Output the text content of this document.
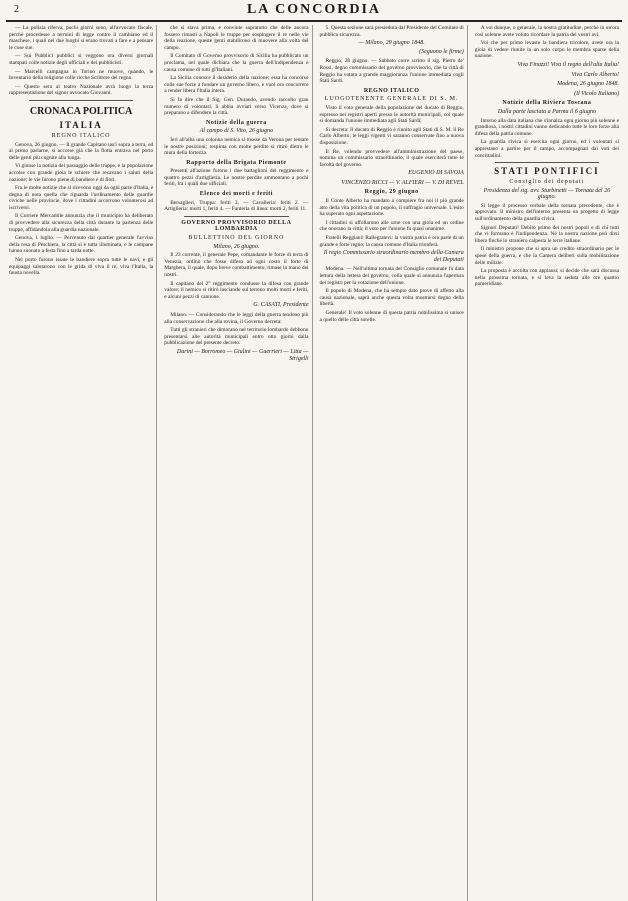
2	LA CONCORDIA

— La polizia riferva, pochi giorni sono, all'avvocato fiscale, perchè procedesse a termini di legge contro il cambiano ed il maschese, i quali nei due luoghi si erano trovati a fare e a pensare le cose sue.

— Sui Pubblici pubblici si veggono ora diversi giornali stampati colle notizie degli ufficiali e dei pubblicisti.

— Marcelli campagna in Torino ne muove, quando, le Inventario della religione colle ricche Scrittore del regno.

— Questo sera al teatro Nazionale avrà luogo la terza rappresentazione del signor avvocato Giovanni.

CRONACA POLITICA
ITALIA
REGNO ITALICO

Genova, 26 giugno. — Il grande Capitano uscì sopra a terra, ed al primo parlarne, si accorse già che la flotta entrava nel porto delle genti più cognite alla lunga.

Vi giunse la notizia del passaggio delle truppe, e la popolazione accolse con grande gioia le schiere che recavano i saluti della nazione; le vie furono piene di bandiere e di fiori.

Fra le molte notizie che si ricevono oggi da ogni parte d'Italia, è degna di nota quella che riguarda l'ordinamento delle guardie civiche nelle provincie, dove i cittadini accorrono volonterosi ad iscriversi.

Il Corriere Mercantile annunzia che il municipio ha deliberato di provvedere alla sicurezza della città durante la partenza delle truppe, affidandola alla guardia nazionale.

Genova, 1 luglio. — Pervenuto dal quartier generale l'avviso della resa di Peschiera, la città si è tutta illuminata, e le campane hanno suonato a festa fino a tarda notte.

Nel porto furono issate le bandiere sopra tutte le navi, e gli equipaggi salutarono con le grida di viva il re, viva l'Italia, la fausta novella.

che si stava prima, e convinte sopratutto che delle ancora fossero rimasti a Napoli le truppe per sospingere il re nelle vie della reazione, queste genti stabilirono di muovere alla volta del campo.

Il Comitato di Governo provvisorio di Sicilia ha pubblicato un proclama, nel quale dichiara che la guerra dell'indipendenza è causa comune di tutti gl'Italiani.

La Sicilia conosce il desiderio della nazione; essa ha concorso colle sue forze a fondare un governo libero, e vuol ora concorrere a render libera l'Italia intera.

Si fa dire che il Sig. Gen. Durando, avendo raccolto gran numero di volontari, li abbia avviati verso Vicenza, dove si preparano a difendere la città.

Notizie della guerra
Al campo di S. Vito, 26 giugno

Ieri all'alba una colonna nemica si mosse da Verona per tentare le nostre posizioni; respinta con molte perdite si ritirò dietro le mura della fortezza.

Rapporto della Brigata Piemonte

Presenti all'azione furono i due battaglioni del reggimento e quattro pezzi d'artiglieria. Le nostre perdite ammontano a pochi feriti, fra i quali due ufficiali.

Elenco dei morti e feriti

Bersaglieri, Truppa: feriti 3. — Cavalleria: feriti 2. — Artiglieria: morti 1, feriti 4. — Fanteria di linea: morti 2, feriti 11.

GOVERNO PROVVISORIO DELLA LOMBARDIA
BULLETTINO DEL GIORNO
Milano, 26 giugno.

Il 23 corrente, il generale Pepe, comandante le forze di terra di Venezia, ordinò che fosse difeso ad ogni costo il forte di Marghera, il quale, dopo breve combattimento, rimase in mano dei nostri.

Il capitano del 2° reggimento condusse la difesa con grande valore; il nemico si ritirò lasciando sul terreno molti morti e feriti, e alcuni pezzi di cannone.

G. CASATI, Presidente

Milano. — Considerando che le leggi della guerra tendono più alla conservazione che alla rovina, il Governo decreta:

Tutti gli stranieri che dimorano nel territorio lombardo debbono presentarsi alle autorità municipali entro otto giorni dalla pubblicazione del presente decreto.

Durini — Borromeo — Giulini — Guerrieri — Litta — Strigelli

5. Questa sezione sarà presieduta dal Presidente del Comitato di pubblica sicurezza.

— Milano, 29 giugno 1848.
(Seguono le firme)

Reggio, 28 giugno. — Sabbato corre scritto il sig. Pietro de' Rossi, degno commissario del governo provvisorio, che la città di Reggio ha votato a grande maggioranza l'unione immediata cogli Stati Sardi.

REGNO ITALICO
LUOGOTENENTE GENERALE DI S. M.

Visto il voto generale della popolazione del ducato di Reggio, espresso nei registri aperti presso le autorità municipali, col quale si domanda l'unione immediata agli Stati Sardi;

Si decreta: Il ducato di Reggio è riunito agli Stati di S. M. il Re Carlo Alberto; le leggi vigenti vi saranno conservate fino a nuova disposizione.

Il Re, volendo provvedere all'amministrazione del paese, nomina un commissario straordinario, il quale eserciterà tutte le facoltà del governo.

EUGENIO DI SAVOIA
VINCENZO RICCI — V. ALFIERI — V. DI REVEL
Reggio, 29 giugno

Il Conte Alberto ha mandato a compiere fra noi il più grande atto della vita politica di un popolo, il suffragio universale. L'esito ha superato ogni aspettazione.

I cittadini si affollarono alle urne con una gioia ed un ordine che onorano la città; il voto per l'unione fu quasi unanime.

Fratelli Reggiani! Rallegratevi: la vostra patria è ora parte di un grande e forte regno; la causa comune d'Italia trionferà.

Il regio Commissario straordinario membro della Camera dei Deputati

Modena. — Nell'ultima tornata del Consiglio comunale fu data lettura della lettera del governo, colla quale si annunzia l'apertura dei registri per la votazione dell'unione.

Il popolo di Modena, che ha sempre dato prove di affetto alla causa nazionale, saprà anche questa volta mostrarsi degno della libertà.

Generale! Il voto solenne di questa patria nobilissima si unisce a quello delle città sorelle.

A voi dunque, o generale, la nostra gratitudine, perchè in un'ora così solenne avete voluto ricordare la patria dei vostri avi.

Voi che per primo levaste la bandiera tricolore, avete ora la gioia di vedere riunite in un solo corpo le membra sparse della nazione.

Viva Finazzi! Viva il regno dell'alta Italia!
Viva Carlo Alberto!
Modena, 26 giugno 1848.
(Il Vicolo Italiano)
Notizie della Riviera Toscana
Dalla parte lasciata a Parma il 6 giugno

Intorno alla data italiana che s'innalza ogni giorno più solenne e grandiosa, i nostri cittadini vanno dedicando tutte le loro forze alla difesa della patria comune.

La guardia civica si esercita ogni giorno, ed i volontari si apprestano a partire per il campo, accompagnati dai voti dei concittadini.

STATI PONTIFICI
Consiglio dei deputati
Presidenza del sig. avv. Sturbinetti — Tornata del 26 giugno.

Si legge il processo verbale della tornata precedente, che è approvato. Il ministro dell'interno presenta un progetto di legge sull'ordinamento della guardia civica.

Signori Deputati! Debito primo dei nostri popoli e di chi tutti che vi formano è l'indipendenza. Né la nostra nazione può dirsi libera finché lo straniero calpesta le terre italiane.

Il ministro propone che si apra un credito straordinario per le spese della guerra, e che la Camera deliberi sulla mobilitazione delle milizie.

La proposta è accolta con applausi; si decide che sarà discussa nella prossima tornata, e si leva la seduta alle ore quattro pomeridiane.
